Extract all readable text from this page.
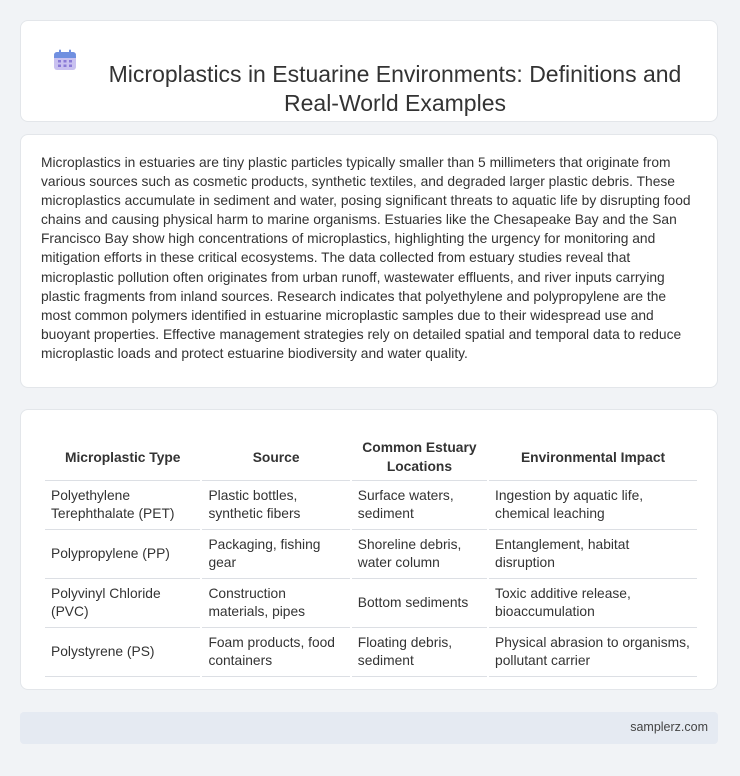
Microplastics in Estuarine Environments: Definitions and Real-World Examples

Microplastics in estuaries are tiny plastic particles typically smaller than 5 millimeters that originate from various sources such as cosmetic products, synthetic textiles, and degraded larger plastic debris. These microplastics accumulate in sediment and water, posing significant threats to aquatic life by disrupting food chains and causing physical harm to marine organisms. Estuaries like the Chesapeake Bay and the San Francisco Bay show high concentrations of microplastics, highlighting the urgency for monitoring and mitigation efforts in these critical ecosystems. The data collected from estuary studies reveal that microplastic pollution often originates from urban runoff, wastewater effluents, and river inputs carrying plastic fragments from inland sources. Research indicates that polyethylene and polypropylene are the most common polymers identified in estuarine microplastic samples due to their widespread use and buoyant properties. Effective management strategies rely on detailed spatial and temporal data to reduce microplastic loads and protect estuarine biodiversity and water quality.

Microplastic Type	Source	Common Estuary Locations	Environmental Impact
Polyethylene Terephthalate (PET)	Plastic bottles, synthetic fibers	Surface waters, sediment	Ingestion by aquatic life, chemical leaching
Polypropylene (PP)	Packaging, fishing gear	Shoreline debris, water column	Entanglement, habitat disruption
Polyvinyl Chloride (PVC)	Construction materials, pipes	Bottom sediments	Toxic additive release, bioaccumulation
Polystyrene (PS)	Foam products, food containers	Floating debris, sediment	Physical abrasion to organisms, pollutant carrier
samplerz.com
